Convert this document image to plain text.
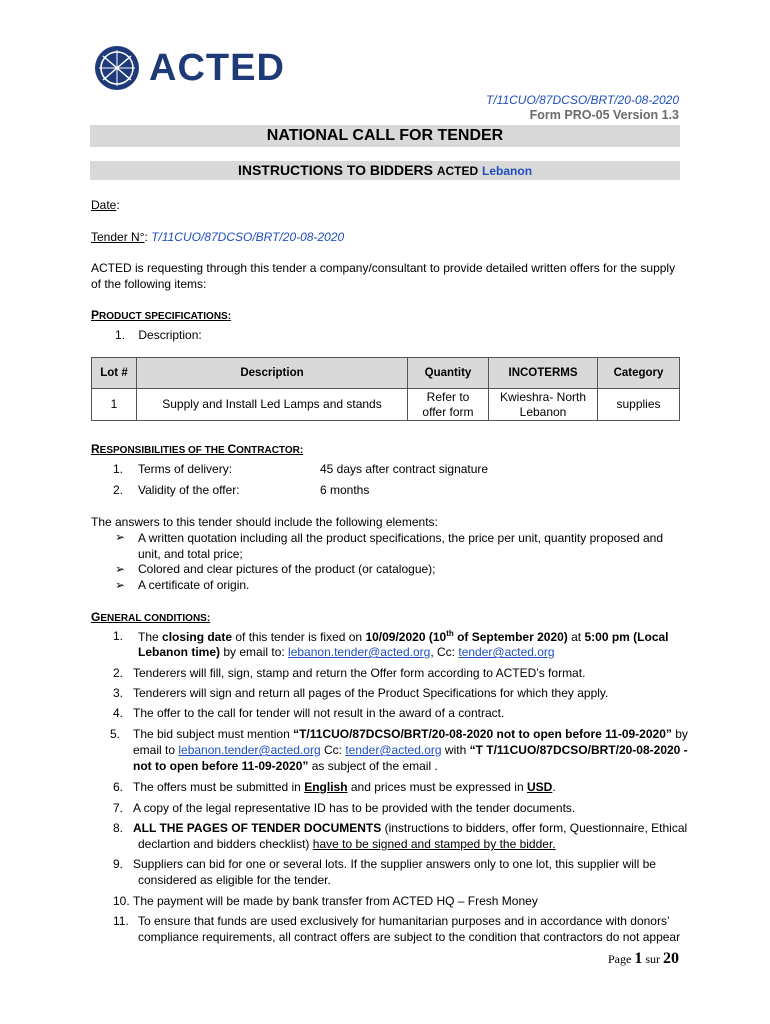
ACTED
T/11CUO/87DCSO/BRT/20-08-2020
Form PRO-05 Version 1.3
NATIONAL CALL FOR TENDER
INSTRUCTIONS TO BIDDERS ACTED Lebanon
Date:
Tender N°: T/11CUO/87DCSO/BRT/20-08-2020
ACTED is requesting through this tender a company/consultant to provide detailed written offers for the supply of the following items:
PRODUCT SPECIFICATIONS:
1. Description:
Lot #	Description	Quantity	INCOTERMS	Category
1	Supply and Install Led Lamps and stands	Refer to offer form	Kwieshra- North Lebanon	supplies
RESPONSIBILITIES OF THE CONTRACTOR:
1. Terms of delivery:	45 days after contract signature
2. Validity of the offer:	6 months
The answers to this tender should include the following elements:
➢ A written quotation including all the product specifications, the price per unit, quantity proposed and unit, and total price;
➢ Colored and clear pictures of the product (or catalogue);
➢ A certificate of origin.
GENERAL CONDITIONS:
1. The closing date of this tender is fixed on 10/09/2020 (10th of September 2020) at 5:00 pm (Local
Lebanon time) by email to: lebanon.tender@acted.org, Cc: tender@acted.org
2. Tenderers will fill, sign, stamp and return the Offer form according to ACTED’s format.
3. Tenderers will sign and return all pages of the Product Specifications for which they apply.
4. The offer to the call for tender will not result in the award of a contract.
5. The bid subject must mention “T/11CUO/87DCSO/BRT/20-08-2020 not to open before 11-09-2020” by
email to lebanon.tender@acted.org Cc: tender@acted.org with “T T/11CUO/87DCSO/BRT/20-08-2020 -
not to open before 11-09-2020” as subject of the email .
6. The offers must be submitted in English and prices must be expressed in USD.
7. A copy of the legal representative ID has to be provided with the tender documents.
8. ALL THE PAGES OF TENDER DOCUMENTS (instructions to bidders, offer form, Questionnaire, Ethical
declartion and bidders checklist) have to be signed and stamped by the bidder.
9. Suppliers can bid for one or several lots. If the supplier answers only to one lot, this supplier will be
considered as eligible for the tender.
10. The payment will be made by bank transfer from ACTED HQ – Fresh Money
11. To ensure that funds are used exclusively for humanitarian purposes and in accordance with donors’
compliance requirements, all contract offers are subject to the condition that contractors do not appear
Page 1 sur 20
